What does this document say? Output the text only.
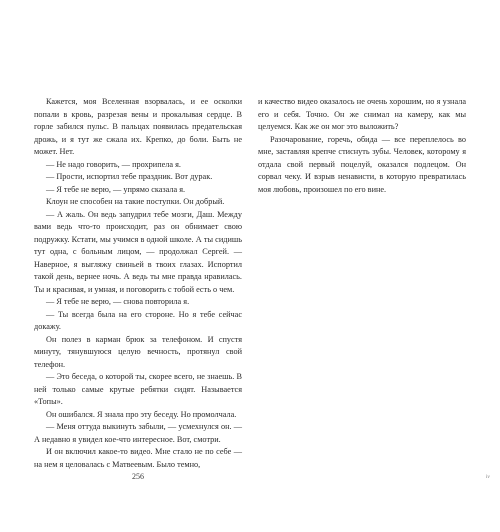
Кажется, моя Вселенная взорвалась, и ее осколки попали в кровь, разрезая вены и прокалывая сердце. В горле забился пульс. В пальцах появилась предательская дрожь, и я тут же сжала их. Крепко, до боли. Быть не может. Нет.

— Не надо говорить, — прохрипела я.

— Прости, испортил тебе праздник. Вот дурак.

— Я тебе не верю, — упрямо сказала я.

Клоун не способен на такие поступки. Он добрый.

— А жаль. Он ведь запудрил тебе мозги, Даш. Между вами ведь что-то происходит, раз он обнимает свою подружку. Кстати, мы учимся в одной школе. А ты сидишь тут одна, с больным лицом, — продолжал Сергей. — Наверное, я выгляжу свиньей в твоих глазах. Испортил такой день, вернее ночь. А ведь ты мне правда нравилась. Ты и красивая, и умная, и поговорить с тобой есть о чем.

— Я тебе не верю, — снова повторила я.

— Ты всегда была на его стороне. Но я тебе сейчас докажу.

Он полез в карман брюк за телефоном. И спустя минуту, тянувшуюся целую вечность, протянул свой телефон.

— Это беседа, о которой ты, скорее всего, не знаешь. В ней только самые крутые ребятки сидят. Называется «Топы».

Он ошибался. Я знала про эту беседу. Но промолчала.

— Меня оттуда выкинуть забыли, — усмехнулся он. — А недавно я увидел кое-что интересное. Вот, смотри.

И он включил какое-то видео. Мне стало не по себе — на нем я целовалась с Матвеевым. Было темно,

и качество видео оказалось не очень хорошим, но я узнала его и себя. Точно. Он же снимал на камеру, как мы целуемся. Как же он мог это выложить?

Разочарование, горечь, обида — все переплелось во мне, заставляя крепче стиснуть зубы. Человек, которому я отдала свой первый поцелуй, оказался подлецом. Он сорвал чеку. И взрыв ненависти, в которую превратилась моя любовь, произошел по его вине.

256	iv
